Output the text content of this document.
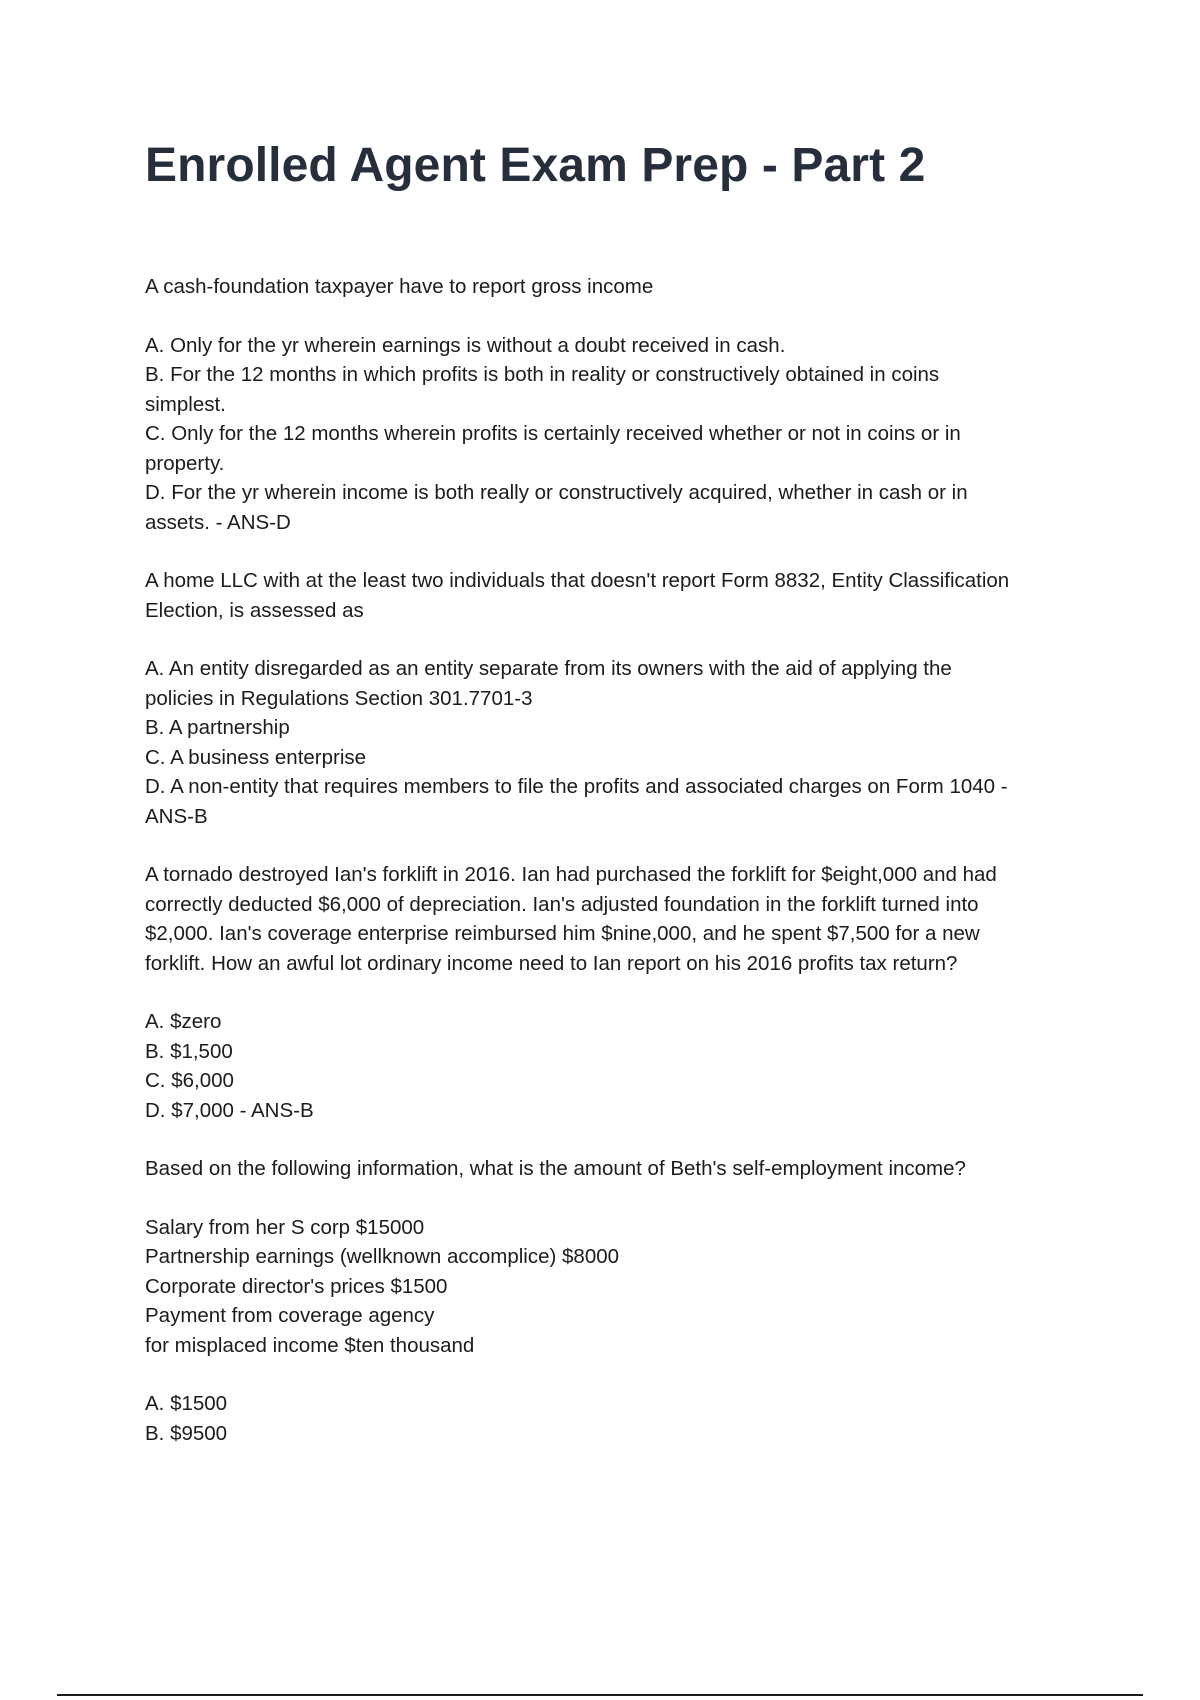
Enrolled Agent Exam Prep - Part 2

A cash-foundation taxpayer have to report gross income

A. Only for the yr wherein earnings is without a doubt received in cash.
B. For the 12 months in which profits is both in reality or constructively obtained in coins
simplest.
C. Only for the 12 months wherein profits is certainly received whether or not in coins or in
property.
D. For the yr wherein income is both really or constructively acquired, whether in cash or in
assets. - ANS-D

A home LLC with at the least two individuals that doesn't report Form 8832, Entity Classification
Election, is assessed as

A. An entity disregarded as an entity separate from its owners with the aid of applying the
policies in Regulations Section 301.7701-3
B. A partnership
C. A business enterprise
D. A non-entity that requires members to file the profits and associated charges on Form 1040 -
ANS-B

A tornado destroyed Ian's forklift in 2016. Ian had purchased the forklift for $eight,000 and had
correctly deducted $6,000 of depreciation. Ian's adjusted foundation in the forklift turned into
$2,000. Ian's coverage enterprise reimbursed him $nine,000, and he spent $7,500 for a new
forklift. How an awful lot ordinary income need to Ian report on his 2016 profits tax return?

A. $zero
B. $1,500
C. $6,000
D. $7,000 - ANS-B

Based on the following information, what is the amount of Beth's self-employment income?

Salary from her S corp $15000
Partnership earnings (wellknown accomplice) $8000
Corporate director's prices $1500
Payment from coverage agency
for misplaced income $ten thousand

A. $1500
B. $9500
